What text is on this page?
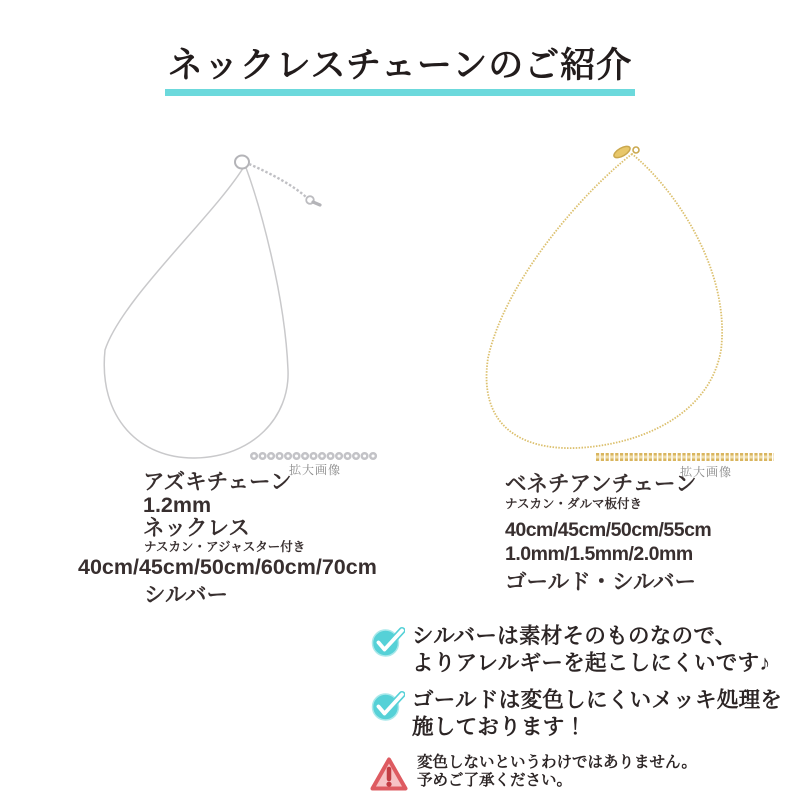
ネックレスチェーンのご紹介
拡大画像	拡大画像
アズキチェーン
1.2mm
ネックレス
ナスカン・アジャスター付き
40cm/45cm/50cm/60cm/70cm
シルバー
ベネチアンチェーン
ナスカン・ダルマ板付き
40cm/45cm/50cm/55cm
1.0mm/1.5mm/2.0mm
ゴールド・シルバー
シルバーは素材そのものなので、
よりアレルギーを起こしにくいです♪
ゴールドは変色しにくいメッキ処理を
施しております！
変色しないというわけではありません。
予めご了承ください。
